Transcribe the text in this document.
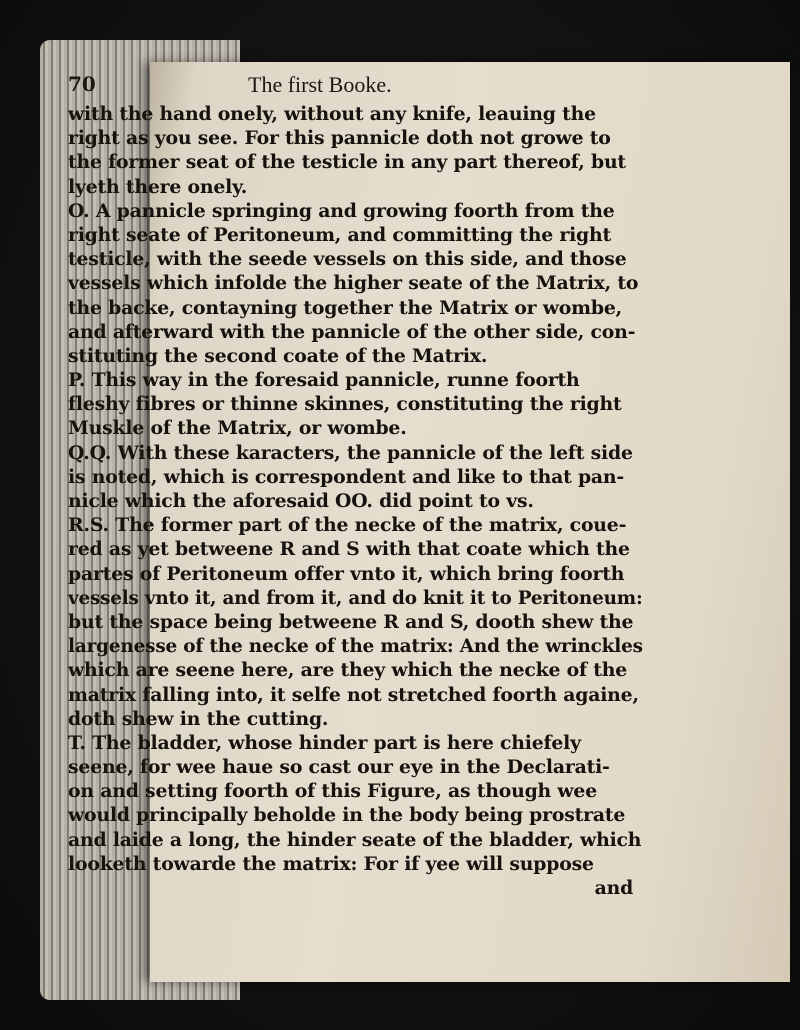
70	The first Booke.
with the hand onely, without any knife, leauing the
right as you see. For this pannicle doth not growe to
the former seat of the testicle in any part thereof, but
lyeth there onely.
O. A pannicle springing and growing foorth from the
right seate of Peritoneum, and committing the right
testicle, with the seede vessels on this side, and those
vessels which infolde the higher seate of the Matrix, to
the backe, contayning together the Matrix or wombe,
and afterward with the pannicle of the other side, con-
stituting the second coate of the Matrix.
P. This way in the foresaid pannicle, runne foorth
fleshy fibres or thinne skinnes, constituting the right
Muskle of the Matrix, or wombe.
Q.Q. With these karacters, the pannicle of the left side
is noted, which is correspondent and like to that pan-
nicle which the aforesaid OO. did point to vs.
R.S. The former part of the necke of the matrix, coue-
red as yet betweene R and S with that coate which the
partes of Peritoneum offer vnto it, which bring foorth
vessels vnto it, and from it, and do knit it to Peritoneum:
but the space being betweene R and S, dooth shew the
largenesse of the necke of the matrix: And the wrinckles
which are seene here, are they which the necke of the
matrix falling into, it selfe not stretched foorth againe,
doth shew in the cutting.
T. The bladder, whose hinder part is here chiefely
seene, for wee haue so cast our eye in the Declarati-
on and setting foorth of this Figure, as though wee
would principally beholde in the body being prostrate
and laide a long, the hinder seate of the bladder, which
looketh towarde the matrix: For if yee will suppose
and
